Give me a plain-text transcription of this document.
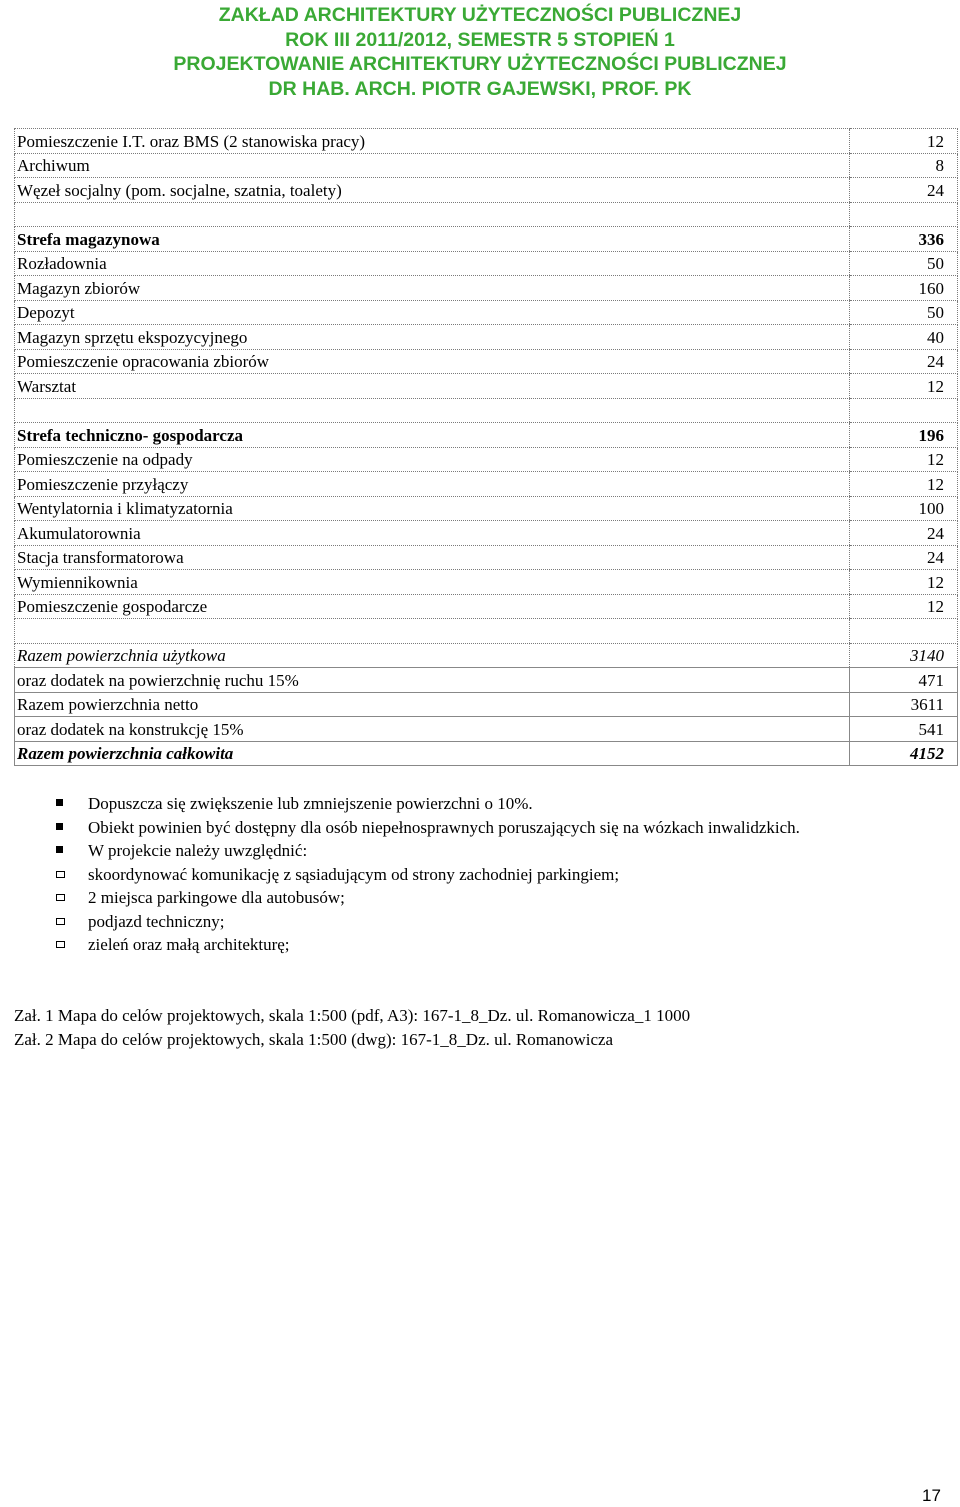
ZAKŁAD ARCHITEKTURY UŻYTECZNOŚCI PUBLICZNEJ
ROK III 2011/2012, SEMESTR 5 STOPIEŃ 1
PROJEKTOWANIE ARCHITEKTURY UŻYTECZNOŚCI PUBLICZNEJ
DR HAB. ARCH. PIOTR GAJEWSKI, PROF. PK
Pomieszczenie I.T. oraz BMS (2 stanowiska pracy)	12
Archiwum	8
Węzeł socjalny (pom. socjalne, szatnia, toalety)	24

Strefa magazynowa	336
Rozładownia	50
Magazyn zbiorów	160
Depozyt	50
Magazyn sprzętu ekspozycyjnego	40
Pomieszczenie opracowania zbiorów	24
Warsztat	12

Strefa techniczno- gospodarcza	196
Pomieszczenie na odpady	12
Pomieszczenie przyłączy	12
Wentylatornia i klimatyzatornia	100
Akumulatorownia	24
Stacja transformatorowa	24
Wymiennikownia	12
Pomieszczenie gospodarcze	12

Razem powierzchnia użytkowa	3140
oraz dodatek na powierzchnię ruchu 15%	471
Razem powierzchnia netto	3611
oraz dodatek na konstrukcję 15%	541
Razem powierzchnia całkowita	4152
Dopuszcza się zwiększenie lub zmniejszenie powierzchni o 10%.
Obiekt powinien być dostępny dla osób niepełnosprawnych poruszających się na wózkach inwalidzkich.
W projekcie należy uwzględnić:
skoordynować komunikację z sąsiadującym od strony zachodniej parkingiem;
2 miejsca parkingowe dla autobusów;
podjazd techniczny;
zieleń oraz małą architekturę;
Zał. 1 Mapa do celów projektowych, skala 1:500 (pdf, A3): 167-1_8_Dz. ul. Romanowicza_1 1000
Zał. 2 Mapa do celów projektowych, skala 1:500 (dwg): 167-1_8_Dz. ul. Romanowicza
17
